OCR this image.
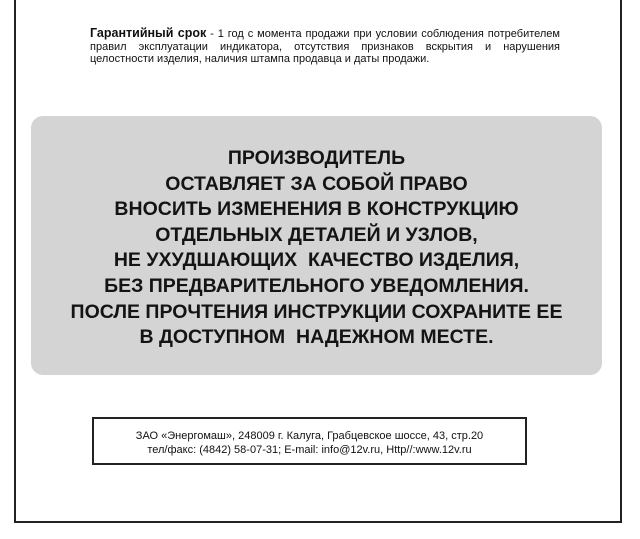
Гарантийный срок - 1 год с момента продажи при условии соблюдения потребителем правил эксплуатации индикатора, отсутствия признаков вскрытия и нарушения целостности изделия, наличия штампа продавца и даты продажи.
ПРОИЗВОДИТЕЛЬ
ОСТАВЛЯЕТ ЗА СОБОЙ ПРАВО
ВНОСИТЬ ИЗМЕНЕНИЯ В КОНСТРУКЦИЮ
ОТДЕЛЬНЫХ ДЕТАЛЕЙ И УЗЛОВ,
НЕ УХУДШАЮЩИХ  КАЧЕСТВО ИЗДЕЛИЯ,
БЕЗ ПРЕДВАРИТЕЛЬНОГО УВЕДОМЛЕНИЯ.
ПОСЛЕ ПРОЧТЕНИЯ ИНСТРУКЦИИ СОХРАНИТЕ ЕЕ
В ДОСТУПНОМ  НАДЕЖНОМ МЕСТЕ.
ЗАО «Энергомаш», 248009 г. Калуга, Грабцевское шоссе, 43, стр.20
тел/факс: (4842) 58-07-31; E-mail: info@12v.ru, Http//:www.12v.ru
